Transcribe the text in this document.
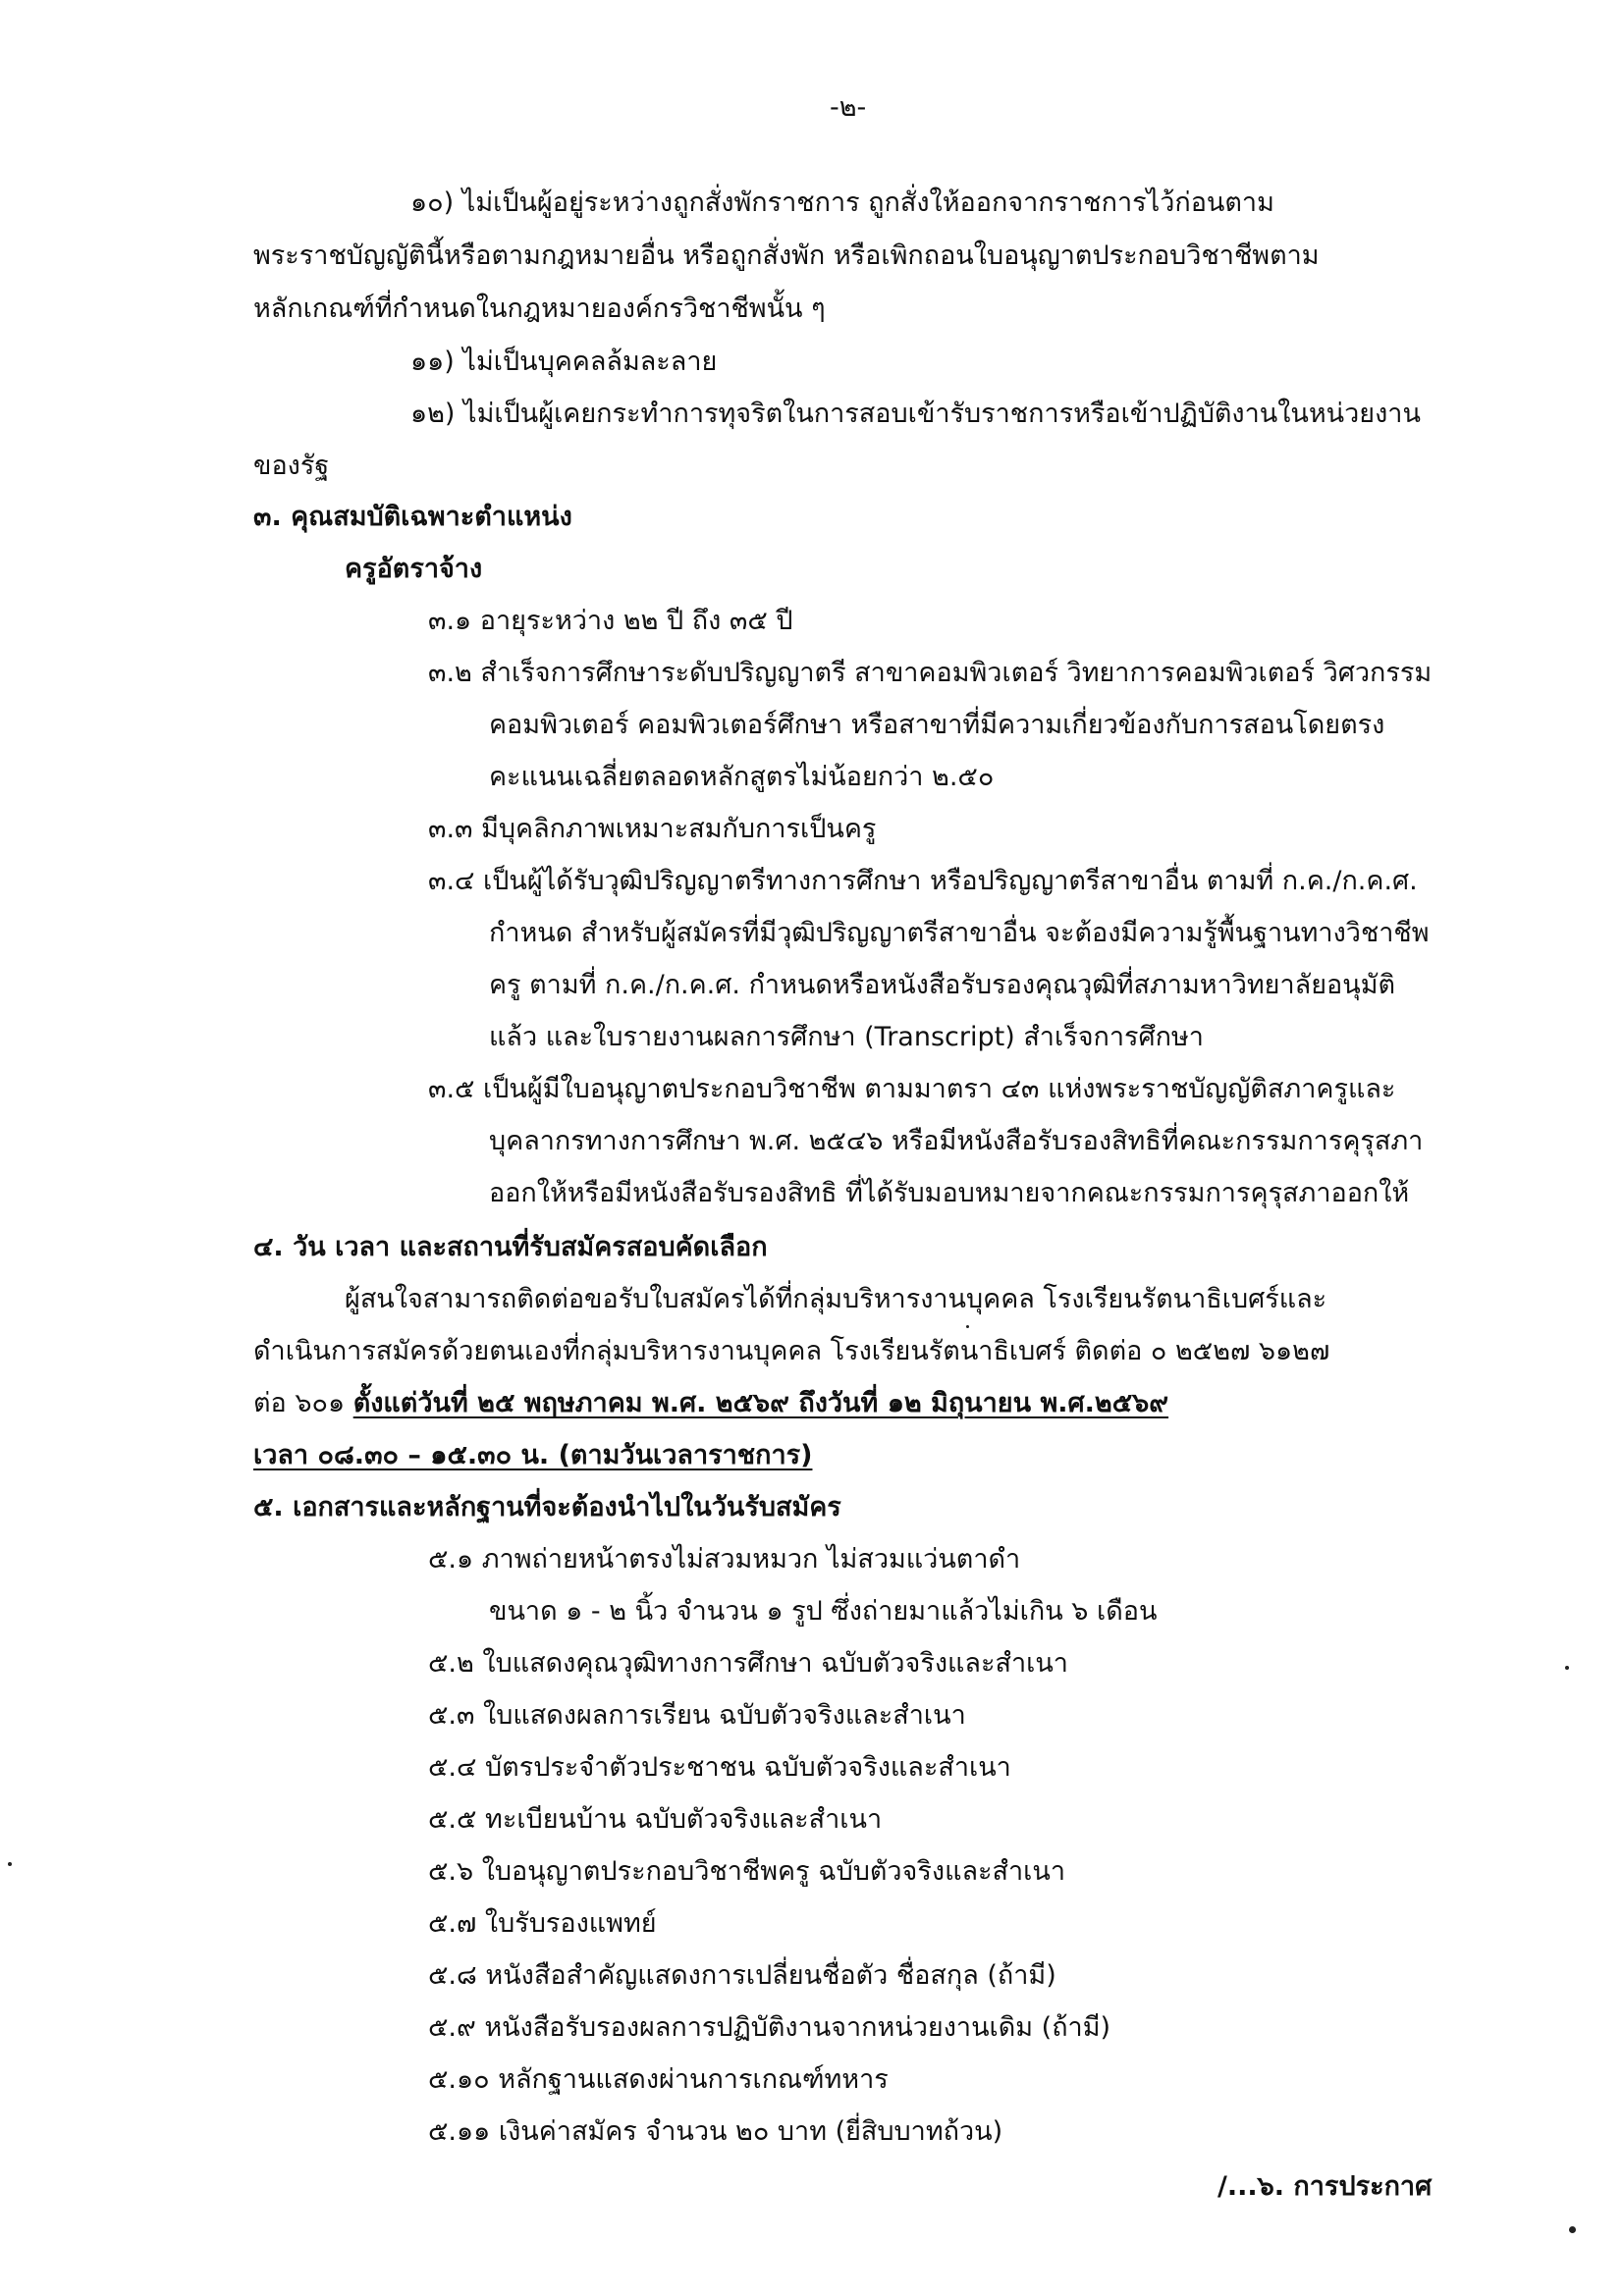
-๒-
๑๐) ไม่เป็นผู้อยู่ระหว่างถูกสั่งพักราชการ ถูกสั่งให้ออกจากราชการไว้ก่อนตาม
พระราชบัญญัตินี้หรือตามกฎหมายอื่น หรือถูกสั่งพัก หรือเพิกถอนใบอนุญาตประกอบวิชาชีพตาม
หลักเกณฑ์ที่กำหนดในกฎหมายองค์กรวิชาชีพนั้น ๆ
๑๑) ไม่เป็นบุคคลล้มละลาย
๑๒) ไม่เป็นผู้เคยกระทำการทุจริตในการสอบเข้ารับราชการหรือเข้าปฏิบัติงานในหน่วยงาน
ของรัฐ
๓. คุณสมบัติเฉพาะตำแหน่ง
ครูอัตราจ้าง
๓.๑ อายุระหว่าง ๒๒ ปี ถึง ๓๕ ปี
๓.๒ สำเร็จการศึกษาระดับปริญญาตรี สาขาคอมพิวเตอร์ วิทยาการคอมพิวเตอร์ วิศวกรรม
คอมพิวเตอร์ คอมพิวเตอร์ศึกษา หรือสาขาที่มีความเกี่ยวข้องกับการสอนโดยตรง
คะแนนเฉลี่ยตลอดหลักสูตรไม่น้อยกว่า ๒.๕๐
๓.๓ มีบุคลิกภาพเหมาะสมกับการเป็นครู
๓.๔ เป็นผู้ได้รับวุฒิปริญญาตรีทางการศึกษา หรือปริญญาตรีสาขาอื่น ตามที่ ก.ค./ก.ค.ศ.
กำหนด สำหรับผู้สมัครที่มีวุฒิปริญญาตรีสาขาอื่น จะต้องมีความรู้พื้นฐานทางวิชาชีพ
ครู ตามที่ ก.ค./ก.ค.ศ. กำหนดหรือหนังสือรับรองคุณวุฒิที่สภามหาวิทยาลัยอนุมัติ
แล้ว และใบรายงานผลการศึกษา (Transcript) สำเร็จการศึกษา
๓.๕ เป็นผู้มีใบอนุญาตประกอบวิชาชีพ ตามมาตรา ๔๓ แห่งพระราชบัญญัติสภาครูและ
บุคลากรทางการศึกษา พ.ศ. ๒๕๔๖ หรือมีหนังสือรับรองสิทธิที่คณะกรรมการคุรุสภา
ออกให้หรือมีหนังสือรับรองสิทธิ ที่ได้รับมอบหมายจากคณะกรรมการคุรุสภาออกให้
๔. วัน เวลา และสถานที่รับสมัครสอบคัดเลือก
ผู้สนใจสามารถติดต่อขอรับใบสมัครได้ที่กลุ่มบริหารงานบุคคล โรงเรียนรัตนาธิเบศร์และ
ดำเนินการสมัครด้วยตนเองที่กลุ่มบริหารงานบุคคล โรงเรียนรัตนาธิเบศร์ ติดต่อ ๐ ๒๕๒๗ ๖๑๒๗
ต่อ ๖๐๑ ตั้งแต่วันที่ ๒๕ พฤษภาคม พ.ศ. ๒๕๖๙ ถึงวันที่ ๑๒ มิถุนายน พ.ศ.๒๕๖๙
เวลา ๐๘.๓๐ – ๑๕.๓๐ น. (ตามวันเวลาราชการ)
๕. เอกสารและหลักฐานที่จะต้องนำไปในวันรับสมัคร
๕.๑ ภาพถ่ายหน้าตรงไม่สวมหมวก ไม่สวมแว่นตาดำ
ขนาด ๑ - ๒ นิ้ว จำนวน ๑ รูป ซึ่งถ่ายมาแล้วไม่เกิน ๖ เดือน
๕.๒ ใบแสดงคุณวุฒิทางการศึกษา ฉบับตัวจริงและสำเนา
๕.๓ ใบแสดงผลการเรียน ฉบับตัวจริงและสำเนา
๕.๔ บัตรประจำตัวประชาชน ฉบับตัวจริงและสำเนา
๕.๕ ทะเบียนบ้าน ฉบับตัวจริงและสำเนา
๕.๖ ใบอนุญาตประกอบวิชาชีพครู ฉบับตัวจริงและสำเนา
๕.๗ ใบรับรองแพทย์
๕.๘ หนังสือสำคัญแสดงการเปลี่ยนชื่อตัว ชื่อสกุล (ถ้ามี)
๕.๙ หนังสือรับรองผลการปฏิบัติงานจากหน่วยงานเดิม (ถ้ามี)
๕.๑๐ หลักฐานแสดงผ่านการเกณฑ์ทหาร
๕.๑๑ เงินค่าสมัคร จำนวน ๒๐ บาท (ยี่สิบบาทถ้วน)
/...๖. การประกาศ
